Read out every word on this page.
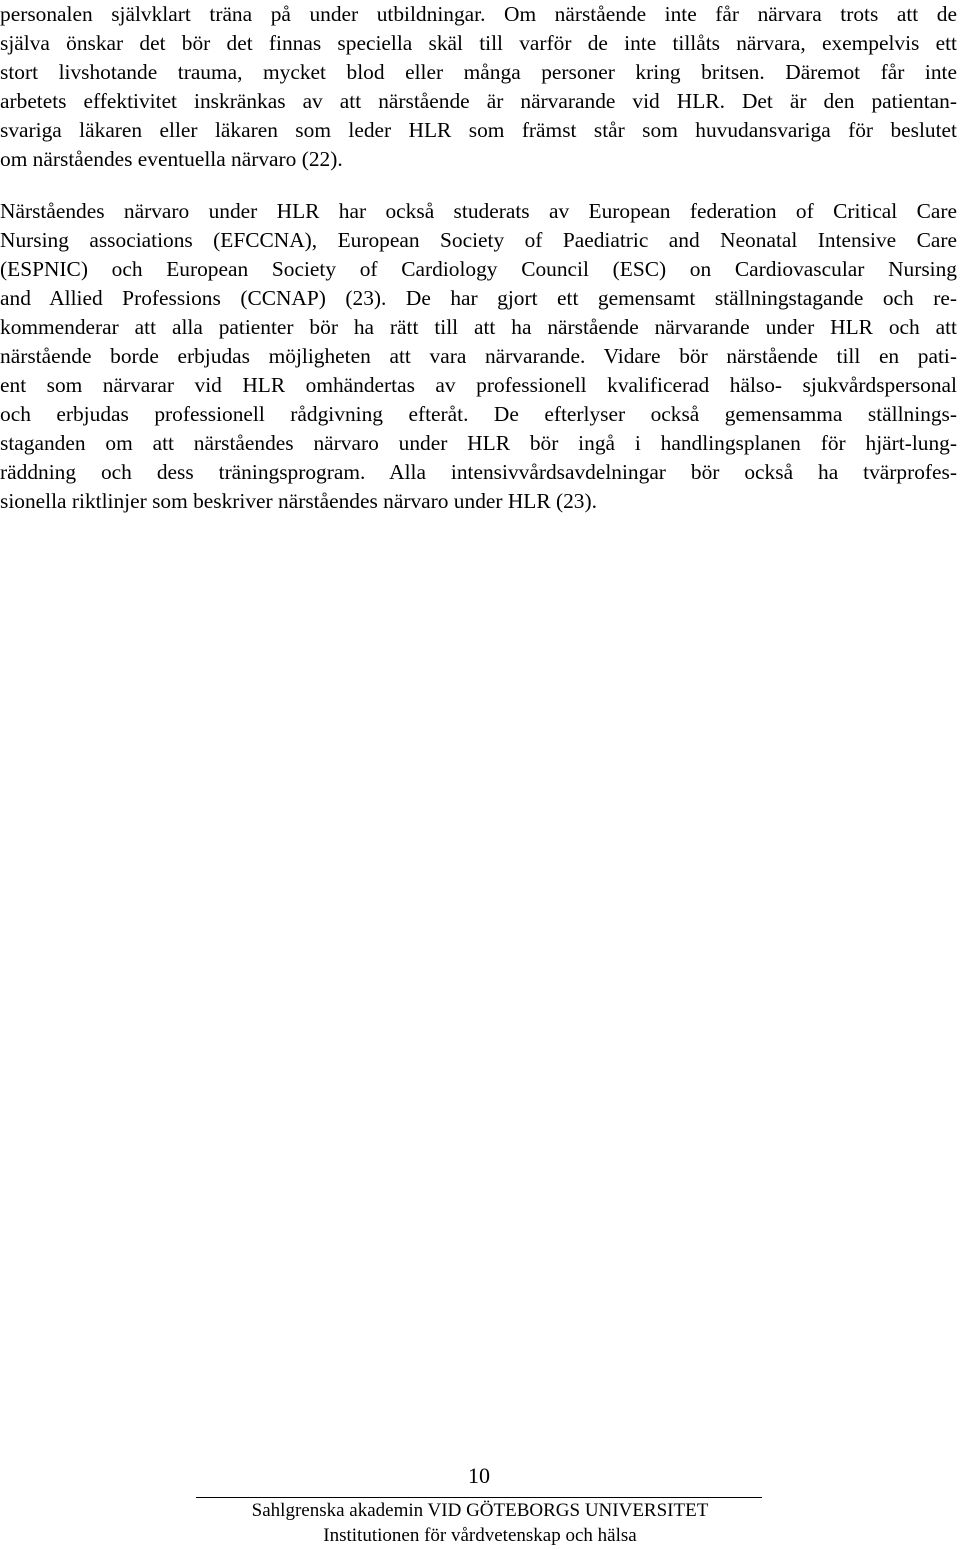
personalen självklart träna på under utbildningar. Om närstående inte får närvara trots att de
själva önskar det bör det finnas speciella skäl till varför de inte tillåts närvara, exempelvis ett
stort livshotande trauma, mycket blod eller många personer kring britsen. Däremot får inte
arbetets effektivitet inskränkas av att närstående är närvarande vid HLR. Det är den patientan-
svariga läkaren eller läkaren som leder HLR som främst står som huvudansvariga för beslutet
om närståendes eventuella närvaro (22).

Närståendes närvaro under HLR har också studerats av European federation of Critical Care
Nursing associations (EFCCNA), European Society of Paediatric and Neonatal Intensive Care
(ESPNIC) och European Society of Cardiology Council (ESC) on Cardiovascular Nursing
and Allied Professions (CCNAP) (23). De har gjort ett gemensamt ställningstagande och re-
kommenderar att alla patienter bör ha rätt till att ha närstående närvarande under HLR och att
närstående borde erbjudas möjligheten att vara närvarande. Vidare bör närstående till en pati-
ent som närvarar vid HLR omhändertas av professionell kvalificerad hälso- sjukvårdspersonal
och erbjudas professionell rådgivning efteråt. De efterlyser också gemensamma ställnings-
staganden om att närståendes närvaro under HLR bör ingå i handlingsplanen för hjärt-lung-
räddning och dess träningsprogram. Alla intensivvårdsavdelningar bör också ha tvärprofes-
sionella riktlinjer som beskriver närståendes närvaro under HLR (23).

10
Sahlgrenska akademin VID GÖTEBORGS UNIVERSITET
Institutionen för vårdvetenskap och hälsa
